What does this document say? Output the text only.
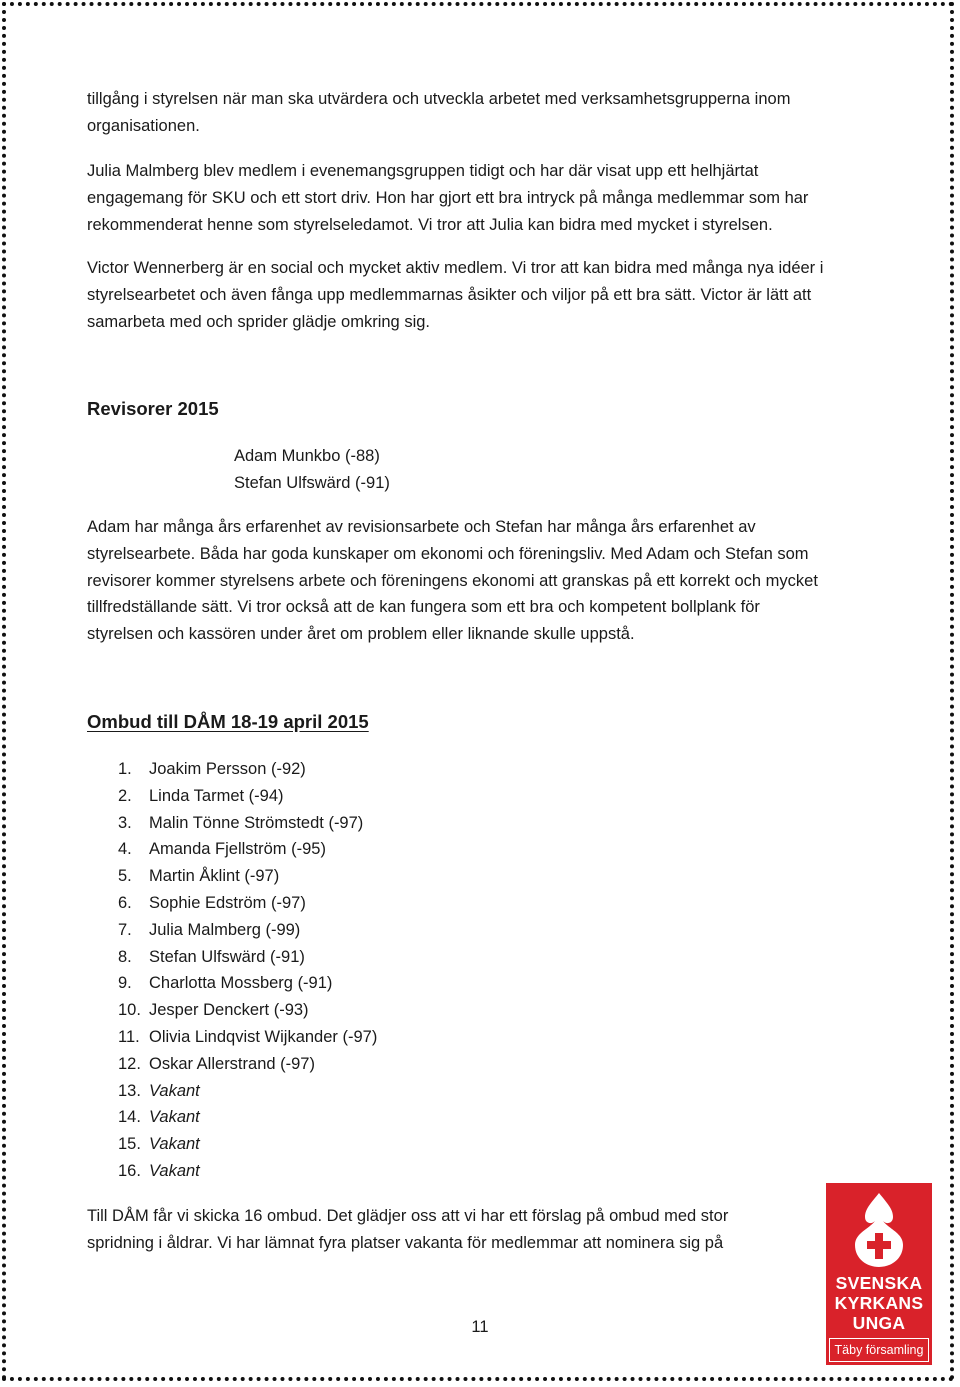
tillgång i styrelsen när man ska utvärdera och utveckla arbetet med verksamhetsgrupperna inom

organisationen.

Julia Malmberg blev medlem i evenemangsgruppen tidigt och har där visat upp ett helhjärtat

engagemang för SKU och ett stort driv. Hon har gjort ett bra intryck på många medlemmar som har

rekommenderat henne som styrelseledamot. Vi tror att Julia kan bidra med mycket i styrelsen.

Victor Wennerberg är en social och mycket aktiv medlem. Vi tror att kan bidra med många nya idéer i

styrelsearbetet och även fånga upp medlemmarnas åsikter och viljor på ett bra sätt. Victor är lätt att

samarbeta med och sprider glädje omkring sig.

Revisorer 2015
Adam Munkbo (-88)
Stefan Ulfswärd (-91)

Adam har många års erfarenhet av revisionsarbete och Stefan har många års erfarenhet av

styrelsearbete. Båda har goda kunskaper om ekonomi och föreningsliv. Med Adam och Stefan som

revisorer kommer styrelsens arbete och föreningens ekonomi att granskas på ett korrekt och mycket

tillfredställande sätt. Vi tror också att de kan fungera som ett bra och kompetent bollplank för

styrelsen och kassören under året om problem eller liknande skulle uppstå.

Ombud till DÅM 18-19 april 2015
1.	Joakim Persson (-92)
2.	Linda Tarmet (-94)
3.	Malin Tönne Strömstedt (-97)
4.	Amanda Fjellström (-95)
5.	Martin Åklint (-97)
6.	Sophie Edström (-97)
7.	Julia Malmberg (-99)
8.	Stefan Ulfswärd (-91)
9.	Charlotta Mossberg (-91)
10. Jesper Denckert (-93)
11. Olivia Lindqvist Wijkander (-97)
12. Oskar Allerstrand (-97)
13. Vakant
14. Vakant
15. Vakant
16. Vakant

Till DÅM får vi skicka 16 ombud. Det glädjer oss att vi har ett förslag på ombud med stor

spridning i åldrar. Vi har lämnat fyra platser vakanta för medlemmar att nominera sig på

11
SVENSKA
KYRKANS
UNGA
Täby församling
